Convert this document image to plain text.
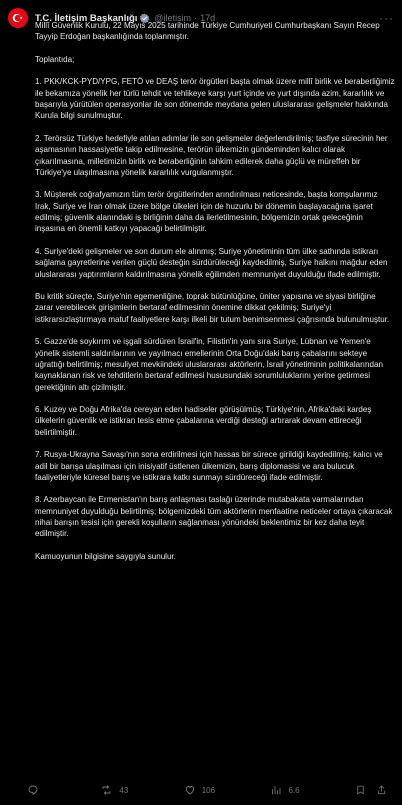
T.C. İletişim Başkanlığı @iletisim · 17d	···

Millî Güvenlik Kurulu, 22 Mayıs 2025 tarihinde Türkiye Cumhuriyeti Cumhurbaşkanı Sayın Recep Tayyip Erdoğan başkanlığında toplanmıştır.

Toplantıda;

1. PKK/KCK-PYD/YPG, FETÖ ve DEAŞ terör örgütleri başta olmak üzere millî birlik ve beraberliğimiz ile bekamıza yönelik her türlü tehdit ve tehlikeye karşı yurt içinde ve yurt dışında azim, kararlılık ve başarıyla yürütülen operasyonlar ile son dönemde meydana gelen uluslararası gelişmeler hakkında Kurula bilgi sunulmuştur.

2. Terörsüz Türkiye hedefiyle atılan adımlar ile son gelişmeler değerlendirilmiş; tasfiye sürecinin her aşamasının hassasiyetle takip edilmesine, terörün ülkemizin gündeminden kalıcı olarak çıkarılmasına, milletimizin birlik ve beraberliğinin tahkim edilerek daha güçlü ve müreffeh bir Türkiye'ye ulaşılmasına yönelik kararlılık vurgulanmıştır.

3. Müşterek coğrafyamızın tüm terör örgütlerinden arındırılması neticesinde, başta komşularımız Irak, Suriye ve İran olmak üzere bölge ülkeleri için de huzurlu bir dönemin başlayacağına işaret edilmiş; güvenlik alanındaki iş birliğinin daha da ilerletilmesinin, bölgemizin ortak geleceğinin inşasına en önemli katkıyı yapacağı belirtilmiştir.

4. Suriye'deki gelişmeler ve son durum ele alınmış; Suriye yönetiminin tüm ülke sathında istikrarı sağlama gayretlerine verilen güçlü desteğin sürdürüleceği kaydedilmiş, Suriye halkını mağdur eden uluslararası yaptırımların kaldırılmasına yönelik eğilimden memnuniyet duyulduğu ifade edilmiştir.

Bu kritik süreçte, Suriye'nin egemenliğine, toprak bütünlüğüne, üniter yapısına ve siyasi birliğine zarar verebilecek girişimlerin bertaraf edilmesinin önemine dikkat çekilmiş; Suriye'yi istikrarsızlaştırmaya matuf faaliyetlere karşı ilkeli bir tutum benimsenmesi çağrısında bulunulmuştur.

5. Gazze'de soykırım ve işgali sürdüren İsrail'in, Filistin'in yanı sıra Suriye, Lübnan ve Yemen'e yönelik sistemli saldırılarının ve yayılmacı emellerinin Orta Doğu'daki barış çabalarını sekteye uğrattığı belirtilmiş; mesuliyet mevkiindeki uluslararası aktörlerin, İsrail yönetiminin politikalarından kaynaklanan risk ve tehditlerin bertaraf edilmesi hususundaki sorumluluklarını yerine getirmesi gerektiğinin altı çizilmiştir.

6. Kuzey ve Doğu Afrika'da cereyan eden hadiseler görüşülmüş; Türkiye'nin, Afrika'daki kardeş ülkelerin güvenlik ve istikran tesis etme çabalarına verdiği desteği artırarak devam ettireceği belirtilmiştir.

7. Rusya-Ukrayna Savaşı'nın sona erdirilmesi için hassas bir sürece girildiği kaydedilmiş; kalıcı ve adil bir barışa ulaşılması için inisiyatif üstlenen ülkemizin, barış diplomasisi ve ara bulucuk faaliyetleriyle küresel barış ve istikrara katkı sunmayı sürdüreceği ifade edilmiştir.

8. Azerbaycan ile Ermenistan'ın barış anlaşması taslağı üzerinde mutabakata varmalarından memnuniyet duyulduğu belirtilmiş; bölgemizdeki tüm aktörlerin menfaatine neticeler ortaya çıkaracak nihai barışın tesisi için gerekli koşulların sağlanması yönündeki beklentimiz bir kez daha teyit edilmiştir.

Kamuoyunun bilgisine saygıyla sunulur.

43	106	6.6
